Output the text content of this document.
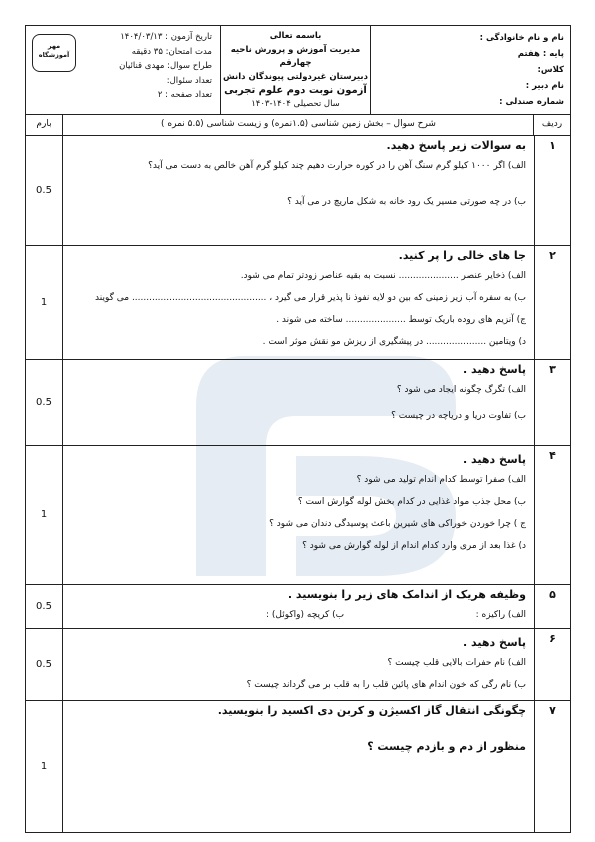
نام و نام خانوادگی :
پایه : هفتم
کلاس:
نام دبیر :
شماره صندلی :
باسمه تعالی
مدیریت آموزش و پرورش ناحیه چهارقم
دبیرستان غیردولتی پیوندگان دانش
آزمون نوبت دوم علوم تجربی
سال تحصیلی ۱۴۰۴-۱۴۰۳
تاریخ آزمون : ۱۴۰۴/۰۳/۱۳
مدت امتحان: ۳۵ دقیقه
طراح سوال: مهدی قنائیان
تعداد سئوال:
تعداد صفحه : ۲
مهر
آموزشگاه
ردیف
شرح سوال – بخش زمین شناسی (۱.۵نمره) و زیست شناسی (۵.۵ نمره )
بارم
۱
به سوالات زیر پاسخ دهید.
الف) اگر ۱۰۰۰ کیلو گرم سنگ آهن را در کوره حرارت دهیم چند کیلو گرم آهن خالص به دست می آید؟
ب) در چه صورتی مسیر یک رود خانه به شکل ماریچ در می آید ؟
0.5
۲
جا های خالی را پر کنید.
الف) ذخایر عنصر ..................... نسبت به بقیه عناصر زودتر تمام می شود.
ب) به سفره آب زیر زمینی که بین دو لایه نفوذ نا پذیر قرار می گیرد ، ............................................... می گویند
ج) آنزیم های روده باریک توسط ..................... ساخته می شوند .
د) ویتامین ..................... در پیشگیری از ریزش مو نقش موثر است .
1
۳
پاسخ دهید .
الف) تگرگ چگونه ایجاد می شود ؟
ب) تفاوت دریا و دریاچه در چیست ؟
0.5
۴
پاسخ دهید .
الف) صفرا توسط کدام اندام تولید می شود ؟
ب) محل جذب مواد غذایی در کدام بخش لوله گوارش است ؟
ج ) چرا خوردن خوراکی های شیرین باعث پوسیدگی دندان می شود ؟
د) غذا بعد از مری وارد کدام اندام از لوله گوارش می شود ؟
1
۵
وظیفه هریک از اندامک های زیر را بنویسید .
الف) راکیزه :
ب) کریچه (واکوئل) :
0.5
۶
پاسخ دهید .
الف) نام حفرات بالایی قلب چیست ؟
ب) نام رگی که خون اندام های پائین قلب را به قلب بر می گرداند چیست ؟
0.5
۷
چگونگی انتقال گاز اکسیژن و کربن دی اکسید را بنویسید.
منظور از دم و بازدم چیست ؟
1
